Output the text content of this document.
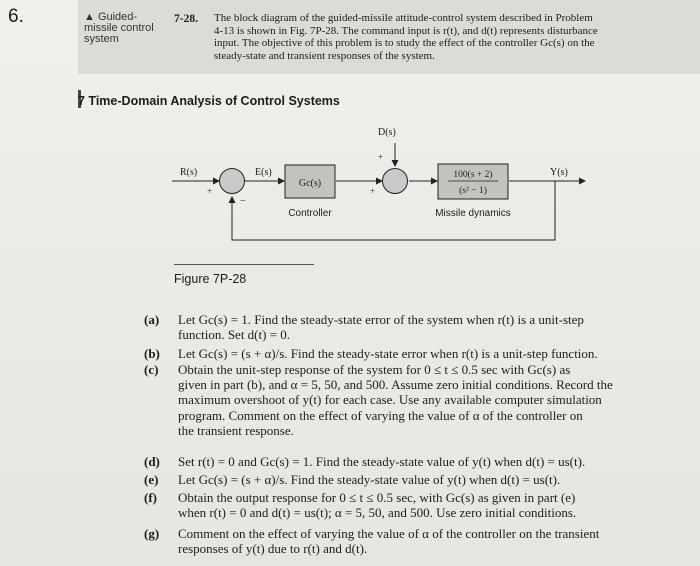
6.	▲ Guided-
missile control
system
7-28. The block diagram of the guided-missile attitude-control system described in Problem
4-13 is shown in Fig. 7P-28. The command input is r(t), and d(t) represents disturbance
input. The objective of this problem is to study the effect of the controller Gc(s) on the
steady-state and transient responses of the system.
7 Time-Domain Analysis of Control Systems
D(s)
R(s)	E(s)
Gc(s)
100(s + 2)
(s² − 1)
Y(s)
Controller	Missile dynamics
+
−
+
+
Figure 7P-28
(a) Let Gc(s) = 1. Find the steady-state error of the system when r(t) is a unit-step
function. Set d(t) = 0.
(b) Let Gc(s) = (s + α)/s. Find the steady-state error when r(t) is a unit-step function.
(c) Obtain the unit-step response of the system for 0 ≤ t ≤ 0.5 sec with Gc(s) as
given in part (b), and α = 5, 50, and 500. Assume zero initial conditions. Record the
maximum overshoot of y(t) for each case. Use any available computer simulation
program. Comment on the effect of varying the value of α of the controller on
the transient response.
(d) Set r(t) = 0 and Gc(s) = 1. Find the steady-state value of y(t) when d(t) = us(t).
(e) Let Gc(s) = (s + α)/s. Find the steady-state value of y(t) when d(t) = us(t).
(f) Obtain the output response for 0 ≤ t ≤ 0.5 sec, with Gc(s) as given in part (e)
when r(t) = 0 and d(t) = us(t); α = 5, 50, and 500. Use zero initial conditions.
(g) Comment on the effect of varying the value of α of the controller on the transient
responses of y(t) due to r(t) and d(t).
